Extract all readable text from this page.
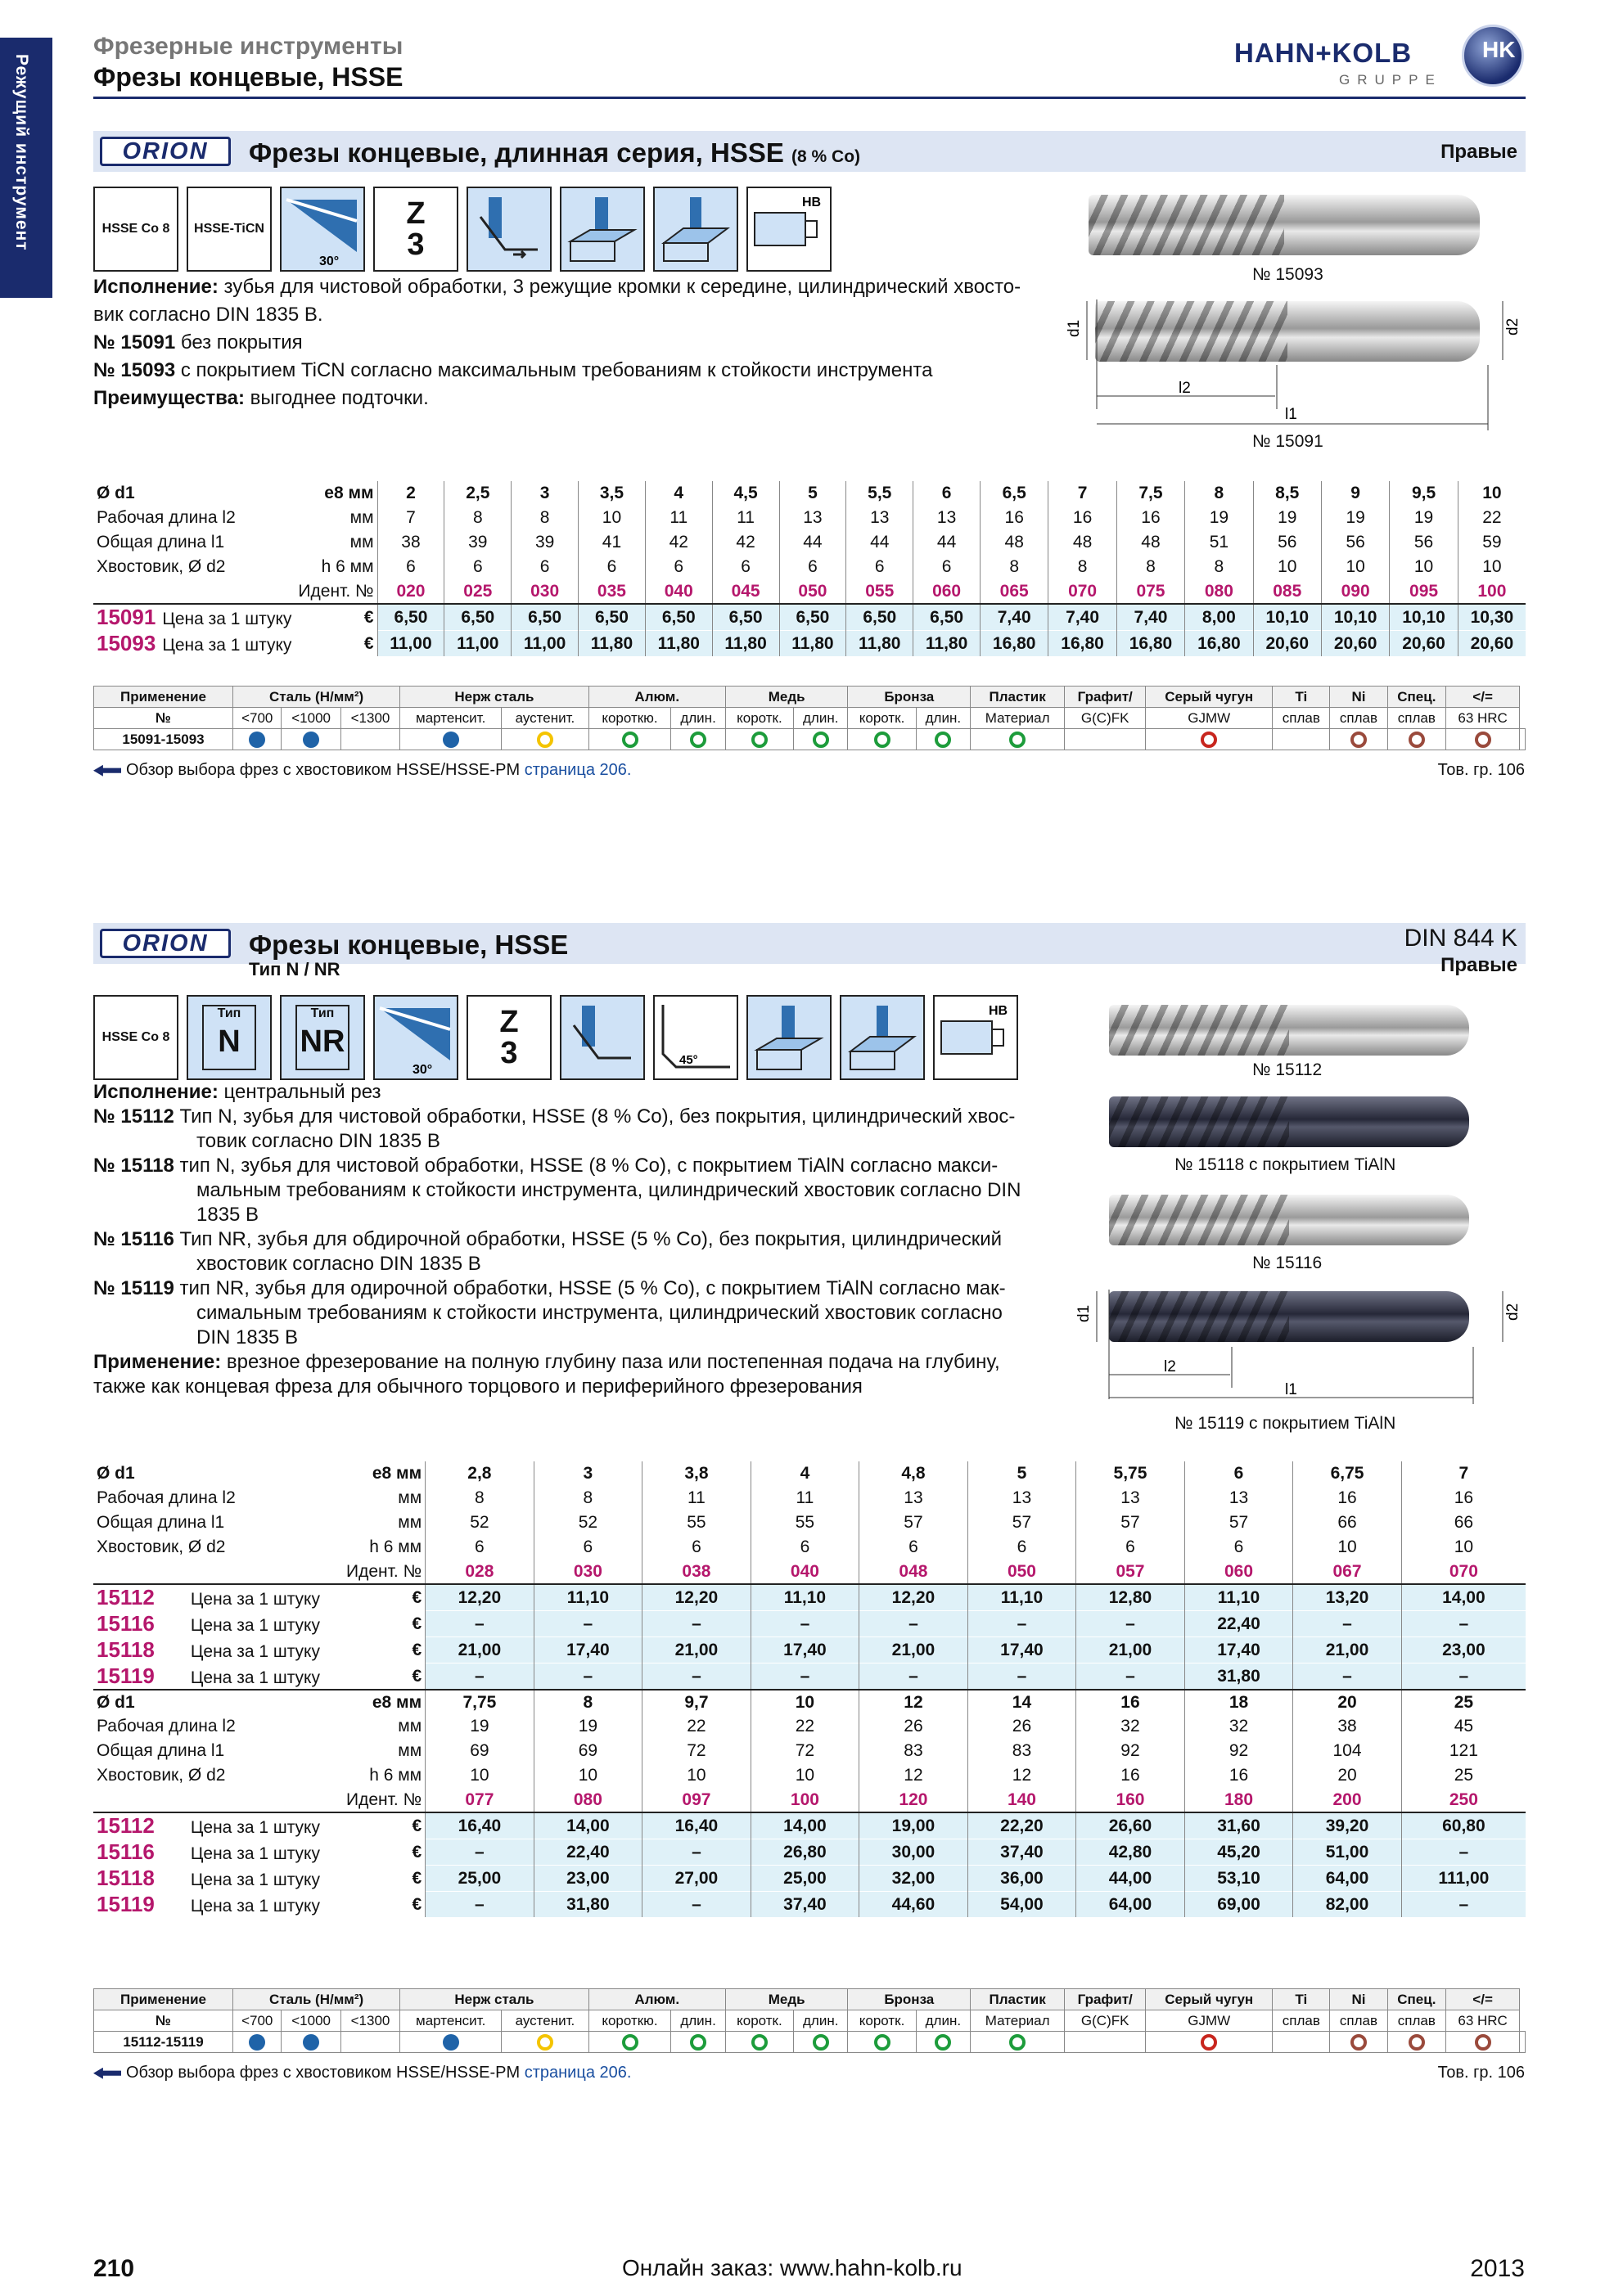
Режущий инструмент
Фрезерные инструменты
Фрезы концевые, HSSE
HAHN+KOLB
GRUPPE
HK
ORION	Фрезы концевые, длинная серия, HSSE (8 % Co)	Правые
HSSE Co 8 HSSE-TiCN
30°
Z
3
HB

Исполнение: зубья для чистовой обработки, 3 режущие кромки к середине, цилиндрический хвосто-вик согласно DIN 1835 B.

№ 15091 без покрытия

№ 15093 с покрытием TiCN согласно максимальным требованиям к стойкости инструмента

Преимущества: выгоднее подточки.

№ 15093
l2
l1
d1	d2
№ 15091
Ø d1	e8 мм	2	2,5	3	3,5	4	4,5	5	5,5	6	6,5	7	7,5	8	8,5	9	9,5	10
Рабочая длина l2	мм	7	8	8	10	11	11	13	13	13	16	16	16	19	19	19	19	22
Общая длина l1	мм	38	39	39	41	42	42	44	44	44	48	48	48	51	56	56	56	59
Хвостовик, Ø d2	h 6 мм	6	6	6	6	6	6	6	6	6	8	8	8	8	10	10	10	10
	Идент. №	020	025	030	035	040	045	050	055	060	065	070	075	080	085	090	095	100
15091 Цена за 1 штуку	€	6,50	6,50	6,50	6,50	6,50	6,50	6,50	6,50	6,50	7,40	7,40	7,40	8,00	10,10	10,10	10,10	10,30
15093 Цена за 1 штуку	€	11,00	11,00	11,00	11,80	11,80	11,80	11,80	11,80	11,80	16,80	16,80	16,80	16,80	20,60	20,60	20,60	20,60
Применение	Сталь (Н/мм²)			Нерж сталь		Алюм.		Медь		Бронза		Пластик	Графит/	Серый чугун	Ti	Ni	Спец.	</=	
№	<700	<1000	<1300	мартенсит.	аустенит.	короткю.	длин.	коротк.	длин.	коротк.	длин.	Материал	G(C)FK	GJMW	сплав	сплав	сплав	63 HRC	
15091-15093																			
Обзор выбора фрез с хвостовиком HSSE/HSSE-PM страница 206.	Тов. гр. 106
ORION	Фрезы концевые, HSSE
Тип N / NR
DIN 844 K
Правые
HSSE Co 8
Тип
N
Тип
NR
30°
Z
3	45°
HB

Исполнение: центральный рез

№ 15112 Тип N, зубья для чистовой обработки, HSSE (8 % Co), без покрытия, цилиндрический хвос-товик согласно DIN 1835 B

№ 15118 тип N, зубья для чистовой обработки, HSSE (8 % Co), с покрытием TiAlN согласно макси-мальным требованиям к стойкости инструмента, цилиндрический хвостовик согласно DIN 1835 B

№ 15116 Тип NR, зубья для обдирочной обработки, HSSE (5 % Co), без покрытия, цилиндрический хвостовик согласно DIN 1835 B

№ 15119 тип NR, зубья для одирочной обработки, HSSE (5 % Co), с покрытием TiAlN согласно мак-симальным требованиям к стойкости инструмента, цилиндрический хвостовик согласно DIN 1835 B

Применение: врезное фрезерование на полную глубину паза или постепенная подача на глубину, также как концевая фреза для обычного торцового и периферийного фрезерования

№ 15112
№ 15118 с покрытием TiAlN
№ 15116
l2
l1
d1	d2
№ 15119 с покрытием TiAlN
Ø d1	e8 мм	2,8	3	3,8	4	4,8	5	5,75	6	6,75	7
Рабочая длина l2	мм	8	8	11	11	13	13	13	13	16	16
Общая длина l1	мм	52	52	55	55	57	57	57	57	66	66
Хвостовик, Ø d2	h 6 мм	6	6	6	6	6	6	6	6	10	10
	Идент. №	028	030	038	040	048	050	057	060	067	070
15112 Цена за 1 штуку	€	12,20	11,10	12,20	11,10	12,20	11,10	12,80	11,10	13,20	14,00
15116 Цена за 1 штуку	€	–	–	–	–	–	–	–	22,40	–	–
15118 Цена за 1 штуку	€	21,00	17,40	21,00	17,40	21,00	17,40	21,00	17,40	21,00	23,00
15119 Цена за 1 штуку	€	–	–	–	–	–	–	–	31,80	–	–
Ø d1	e8 мм	7,75	8	9,7	10	12	14	16	18	20	25
Рабочая длина l2	мм	19	19	22	22	26	26	32	32	38	45
Общая длина l1	мм	69	69	72	72	83	83	92	92	104	121
Хвостовик, Ø d2	h 6 мм	10	10	10	10	12	12	16	16	20	25
	Идент. №	077	080	097	100	120	140	160	180	200	250
15112 Цена за 1 штуку	€	16,40	14,00	16,40	14,00	19,00	22,20	26,60	31,60	39,20	60,80
15116 Цена за 1 штуку	€	–	22,40	–	26,80	30,00	37,40	42,80	45,20	51,00	–
15118 Цена за 1 штуку	€	25,00	23,00	27,00	25,00	32,00	36,00	44,00	53,10	64,00	111,00
15119 Цена за 1 штуку	€	–	31,80	–	37,40	44,60	54,00	64,00	69,00	82,00	–
Применение	Сталь (Н/мм²)			Нерж сталь		Алюм.		Медь		Бронза		Пластик	Графит/	Серый чугун	Ti	Ni	Спец.	</=	
№	<700	<1000	<1300	мартенсит.	аустенит.	короткю.	длин.	коротк.	длин.	коротк.	длин.	Материал	G(C)FK	GJMW	сплав	сплав	сплав	63 HRC	
15112-15119																			
Обзор выбора фрез с хвостовиком HSSE/HSSE-PM страница 206.	Тов. гр. 106
210	Онлайн заказ: www.hahn-kolb.ru	2013
